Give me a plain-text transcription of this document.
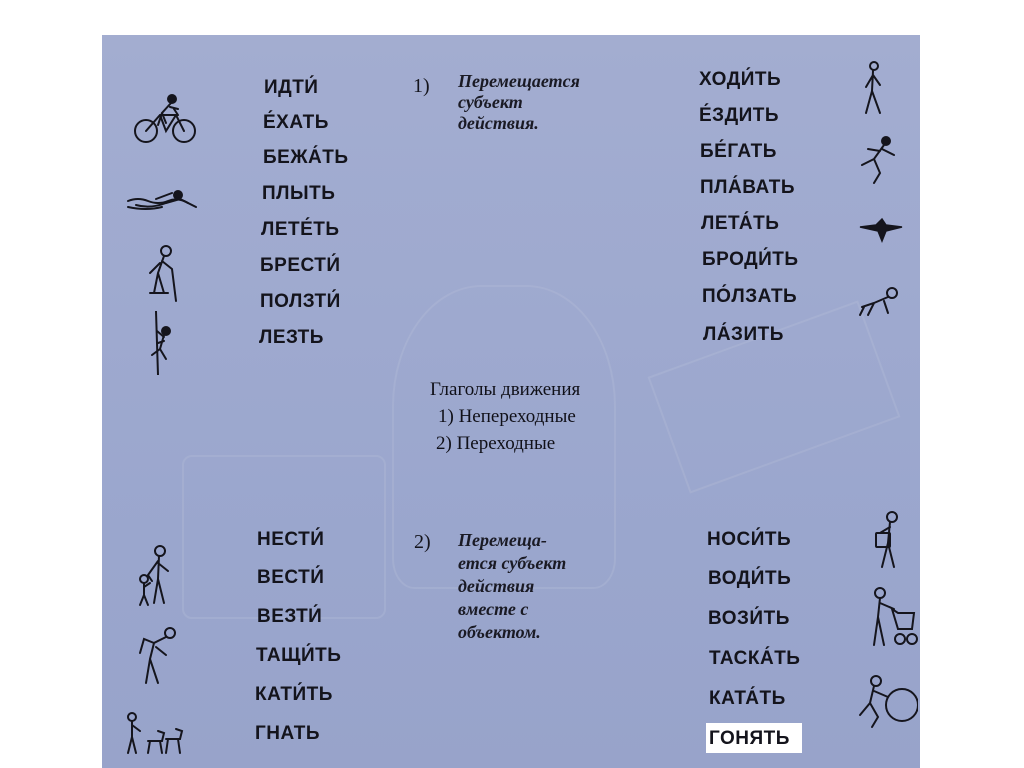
1) Перемещается
субъект
действия.
ИДТИ́
Е́ХАТЬ
БЕЖА́ТЬ
ПЛЫТЬ
ЛЕТЕ́ТЬ
БРЕСТИ́
ПОЛЗТИ́
ЛЕЗТЬ
ХОДИ́ТЬ
Е́ЗДИТЬ
БЕ́ГАТЬ
ПЛА́ВАТЬ
ЛЕТА́ТЬ
БРОДИ́ТЬ
ПО́ЛЗАТЬ
ЛА́ЗИТЬ
Глаголы движения
1) Непереходные
2) Переходные
2) Перемеща-
ется субъект
действия
вместе с
объектом.
НЕСТИ́
ВЕСТИ́
ВЕЗТИ́
ТАЩИ́ТЬ
КАТИ́ТЬ
ГНАТЬ
НОСИ́ТЬ
ВОДИ́ТЬ
ВОЗИ́ТЬ
ТАСКА́ТЬ
КАТА́ТЬ
ГОНЯТЬ
